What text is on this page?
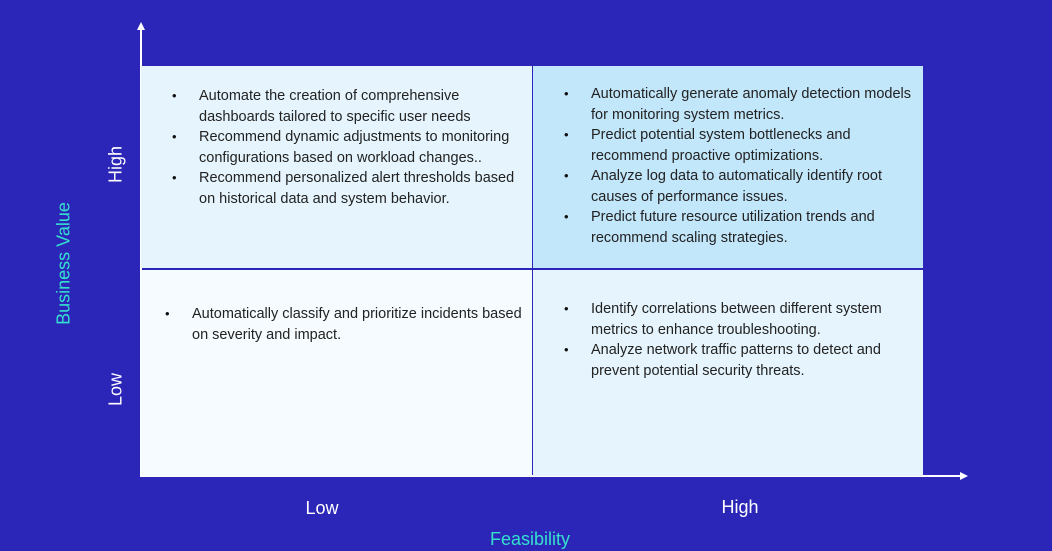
• Automate the creation of comprehensive dashboards tailored to specific user needs
• Recommend dynamic adjustments to monitoring configurations based on workload changes..
• Recommend personalized alert thresholds based on historical data and system behavior.
• Automatically generate anomaly detection models for monitoring system metrics.
• Predict potential system bottlenecks and recommend proactive optimizations.
• Analyze log data to automatically identify root causes of performance issues.
• Predict future resource utilization trends and recommend scaling strategies.
• Automatically classify and prioritize incidents based on severity and impact.
• Identify correlations between different system metrics to enhance troubleshooting.
• Analyze network traffic patterns to detect and prevent potential security threats.
High
Low
Low	High
Business Value
Feasibility
